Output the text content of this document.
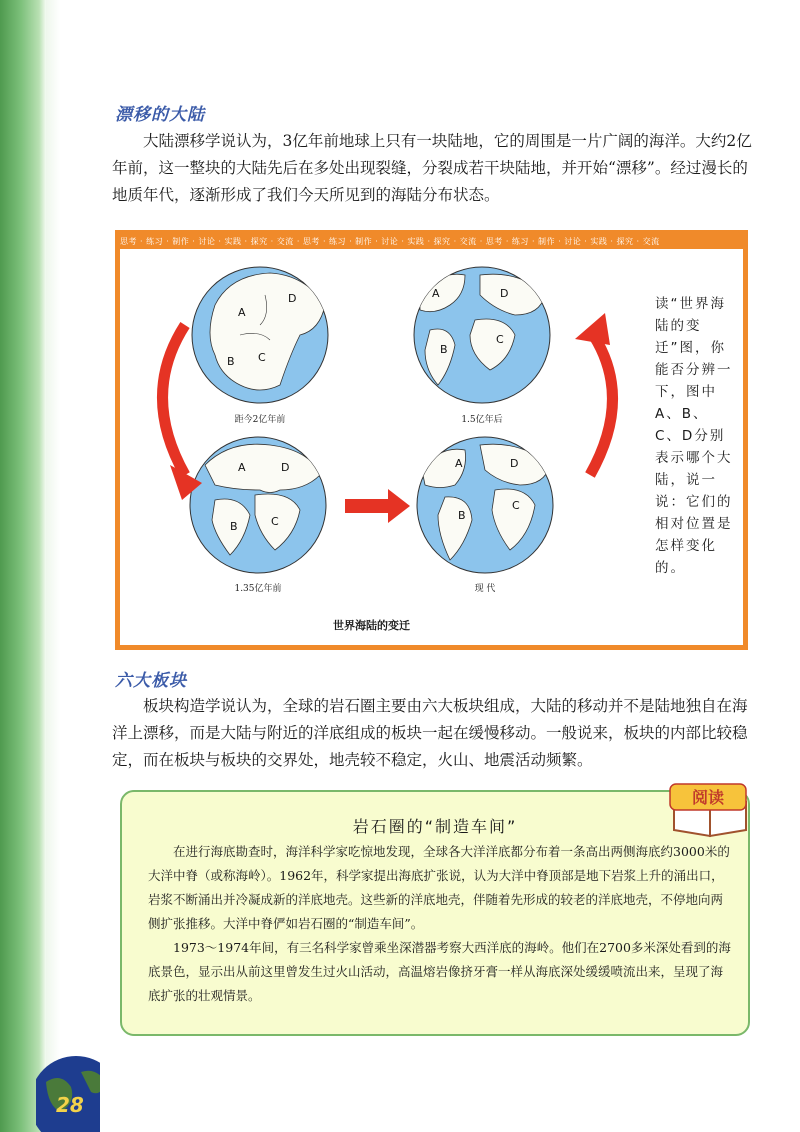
漂移的大陆

大陆漂移学说认为，3亿年前地球上只有一块陆地，它的周围是一片广阔的海洋。大约2亿年前，这一整块的大陆先后在多处出现裂缝，分裂成若干块陆地，并开始“漂移”。经过漫长的地质年代，逐渐形成了我们今天所见到的海陆分布状态。

思考 · 练习 · 制作 · 讨论 · 实践 · 探究 · 交流 · 思考 · 练习 · 制作 · 讨论 · 实践 · 探究 · 交流 · 思考 · 练习 · 制作 · 讨论 · 实践 · 探究 · 交流
A
B C
D	A
B
C
D
A
B	C
D	A
B
C
D
距今2亿年前	1.5亿年后
1.35亿年前	现 代
世界海陆的变迁
读“世界海陆的变迁”图，你能否分辨一下，图中A、B、C、D分别表示哪个大陆，说一说：它们的相对位置是怎样变化的。
六大板块

板块构造学说认为，全球的岩石圈主要由六大板块组成，大陆的移动并不是陆地独自在海洋上漂移，而是大陆与附近的洋底组成的板块一起在缓慢移动。一般说来，板块的内部比较稳定，而在板块与板块的交界处，地壳较不稳定，火山、地震活动频繁。

岩石圈的“制造车间”

在进行海底勘查时，海洋科学家吃惊地发现，全球各大洋洋底都分布着一条高出两侧海底约3000米的大洋中脊（或称海岭）。1962年，科学家提出海底扩张说，认为大洋中脊顶部是地下岩浆上升的涌出口，岩浆不断涌出并冷凝成新的洋底地壳。这些新的洋底地壳，伴随着先形成的较老的洋底地壳，不停地向两侧扩张推移。大洋中脊俨如岩石圈的“制造车间”。

1973～1974年间，有三名科学家曾乘坐深潜器考察大西洋底的海岭。他们在2700多米深处看到的海底景色，显示出从前这里曾发生过火山活动，高温熔岩像挤牙膏一样从海底深处缓缓喷流出来，呈现了海底扩张的壮观情景。

阅读
28
